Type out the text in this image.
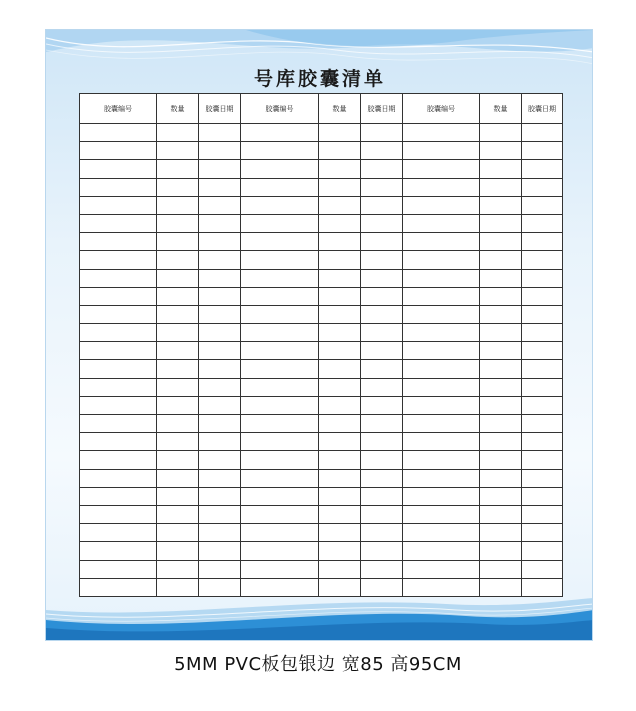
号库胶囊清单
胶囊编号	数量	胶囊日期	胶囊编号	数量	胶囊日期	胶囊编号	数量	胶囊日期

5MM PVC板包银边 宽85 高95CM
